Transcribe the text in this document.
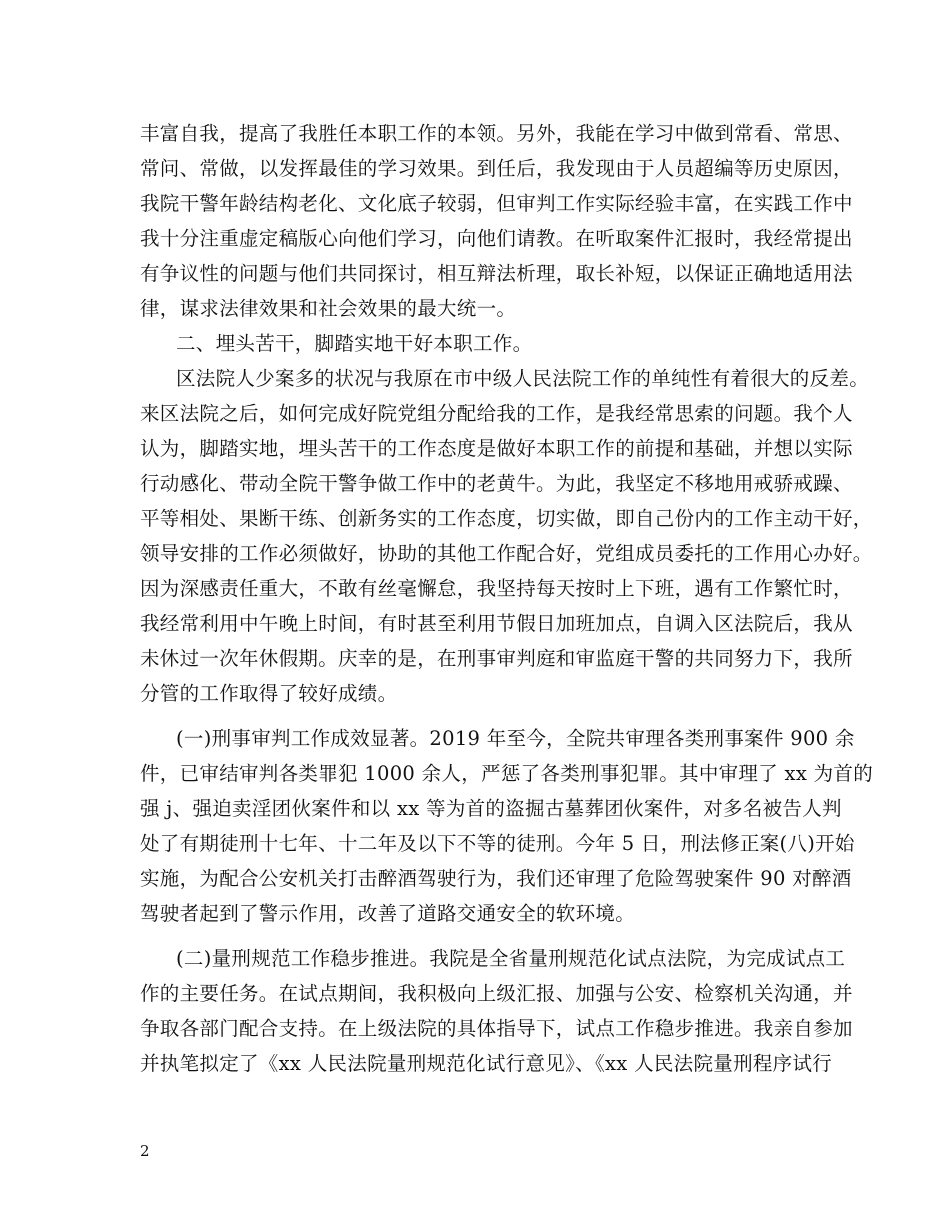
丰富自我，提高了我胜任本职工作的本领。另外，我能在学习中做到常看、常思、
常问、常做，以发挥最佳的学习效果。到任后，我发现由于人员超编等历史原因，
我院干警年龄结构老化、文化底子较弱，但审判工作实际经验丰富，在实践工作中
我十分注重虚定稿版心向他们学习，向他们请教。在听取案件汇报时，我经常提出
有争议性的问题与他们共同探讨，相互辩法析理，取长补短，以保证正确地适用法
律，谋求法律效果和社会效果的最大统一。
二、埋头苦干，脚踏实地干好本职工作。
区法院人少案多的状况与我原在市中级人民法院工作的单纯性有着很大的反差。
来区法院之后，如何完成好院党组分配给我的工作，是我经常思索的问题。我个人
认为，脚踏实地，埋头苦干的工作态度是做好本职工作的前提和基础，并想以实际
行动感化、带动全院干警争做工作中的老黄牛。为此，我坚定不移地用戒骄戒躁、
平等相处、果断干练、创新务实的工作态度，切实做，即自己份内的工作主动干好，
领导安排的工作必须做好，协助的其他工作配合好，党组成员委托的工作用心办好。
因为深感责任重大，不敢有丝毫懈怠，我坚持每天按时上下班，遇有工作繁忙时，
我经常利用中午晚上时间，有时甚至利用节假日加班加点，自调入区法院后，我从
未休过一次年休假期。庆幸的是，在刑事审判庭和审监庭干警的共同努力下，我所
分管的工作取得了较好成绩。
(一)刑事审判工作成效显著。2019 年至今，全院共审理各类刑事案件 900 余
件，已审结审判各类罪犯 1000 余人，严惩了各类刑事犯罪。其中审理了 xx 为首的
强 j、强迫卖淫团伙案件和以 xx 等为首的盗掘古墓葬团伙案件，对多名被告人判
处了有期徒刑十七年、十二年及以下不等的徒刑。今年 5 日，刑法修正案(八)开始
实施，为配合公安机关打击醉酒驾驶行为，我们还审理了危险驾驶案件 90 对醉酒
驾驶者起到了警示作用，改善了道路交通安全的软环境。
(二)量刑规范工作稳步推进。我院是全省量刑规范化试点法院，为完成试点工
作的主要任务。在试点期间，我积极向上级汇报、加强与公安、检察机关沟通，并
争取各部门配合支持。在上级法院的具体指导下，试点工作稳步推进。我亲自参加
并执笔拟定了《xx 人民法院量刑规范化试行意见》、《xx 人民法院量刑程序试行
2
